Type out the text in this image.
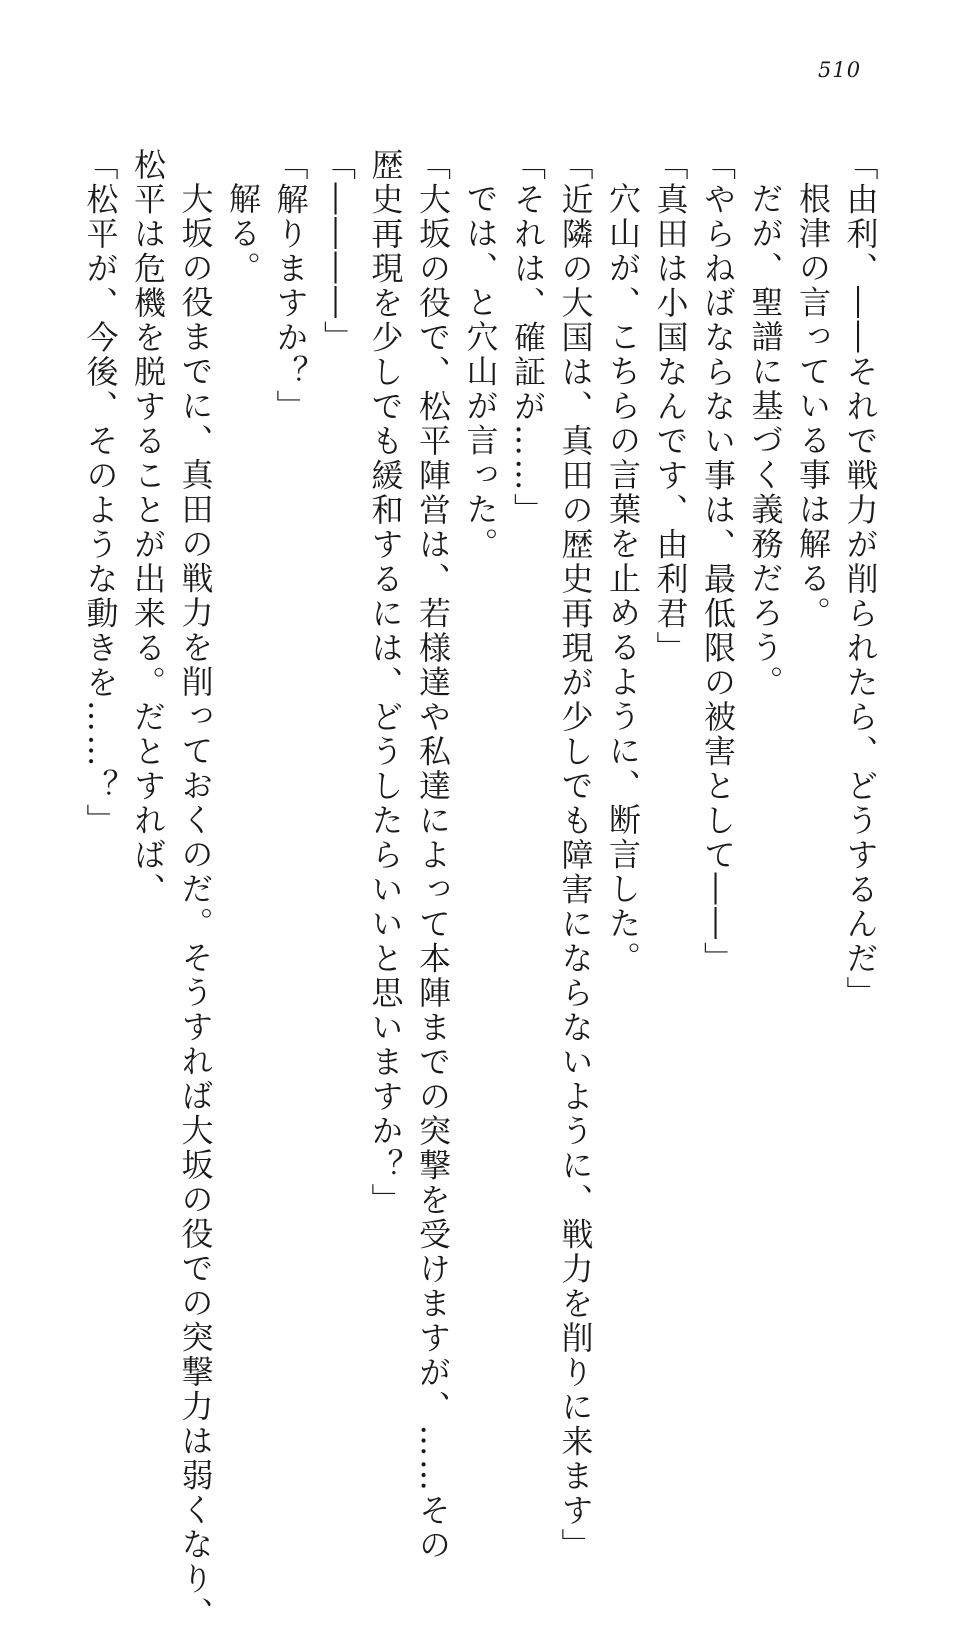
510
「由利、――それで戦力が削られたら、どうするんだ」
根津の言っている事は解る。
だが、聖譜に基づく義務だろう。
「やらねばならない事は、最低限の被害として――」
「真田は小国なんです、由利君」
穴山が、こちらの言葉を止めるように、断言した。
「近隣の大国は、真田の歴史再現が少しでも障害にならないように、戦力を削りに来ます」
「それは、確証が……」
では、と穴山が言った。
「大坂の役で、松平陣営は、若様達や私達によって本陣までの突撃を受けますが、……その
歴史再現を少しでも緩和するには、どうしたらいいと思いますか？」
「――――」
「解りますか？」
解る。
大坂の役までに、真田の戦力を削っておくのだ。そうすれば大坂の役での突撃力は弱くなり、
松平は危機を脱することが出来る。だとすれば、
「松平が、今後、そのような動きを……？」
